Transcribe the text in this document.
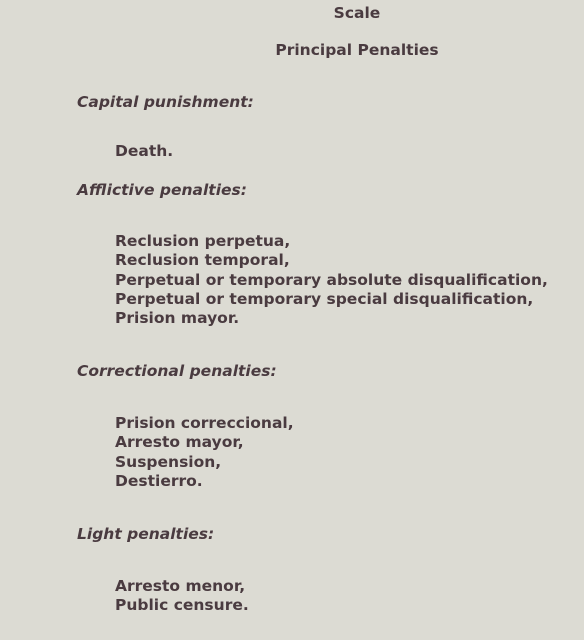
Scale
Principal Penalties
Capital punishment:
Death.
Afflictive penalties:
Reclusion perpetua,
Reclusion temporal,
Perpetual or temporary absolute disqualification,
Perpetual or temporary special disqualification,
Prision mayor.
Correctional penalties:
Prision correccional,
Arresto mayor,
Suspension,
Destierro.
Light penalties:
Arresto menor,
Public censure.
